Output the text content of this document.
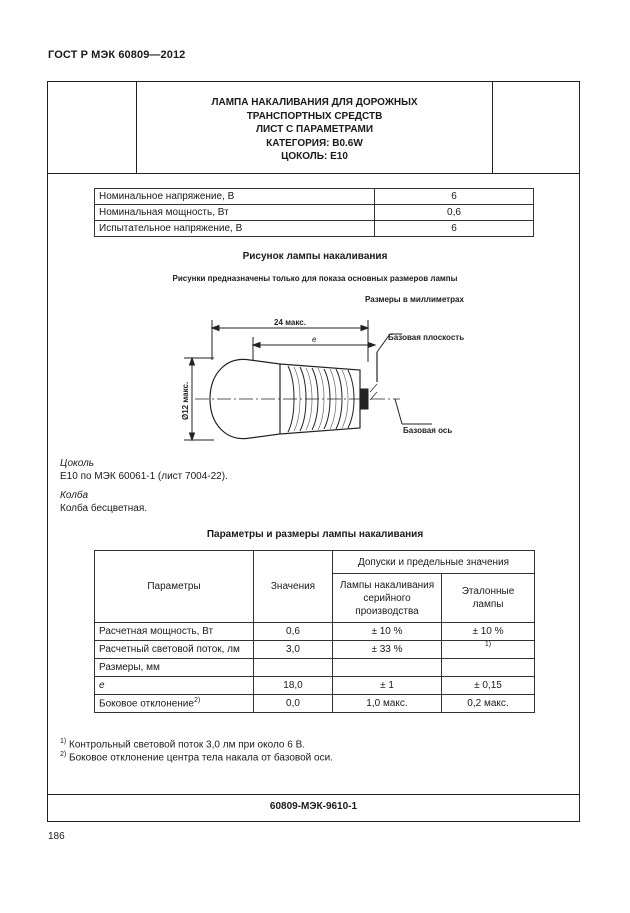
ГОСТ Р МЭК 60809—2012
ЛАМПА НАКАЛИВАНИЯ ДЛЯ ДОРОЖНЫХ
ТРАНСПОРТНЫХ СРЕДСТВ
ЛИСТ С ПАРАМЕТРАМИ
КАТЕГОРИЯ: B0.6W
ЦОКОЛЬ: E10
Номинальное напряжение, В	6
Номинальная мощность, Вт	0,6
Испытательное напряжение, В	6
Рисунок лампы накаливания
Рисунки предназначены только для показа основных размеров лампы
Размеры в миллиметрах
24 макс.
e
Ø12 макс.
Базовая плоскость
Базовая ось
Цоколь
E10 по МЭК 60061-1 (лист 7004-22).
Колба
Колба бесцветная.
Параметры и размеры лампы накаливания
Параметры	Значения	Допуски и предельные значения	
		Лампы накаливания серийного производства	Эталонные лампы
Расчетная мощность, Вт	0,6	± 10 %	± 10 %
Расчетный световой поток, лм	3,0	± 33 %	1)
Размеры, мм			
e	18,0	± 1	± 0,15
Боковое отклонение$^{2)}$	0,0	1,0 макс.	0,2 макс.
$^{1)}$ Контрольный световой поток 3,0 лм при около 6 В.
$^{2)}$ Боковое отклонение центра тела накала от базовой оси.
60809-МЭК-9610-1
186
